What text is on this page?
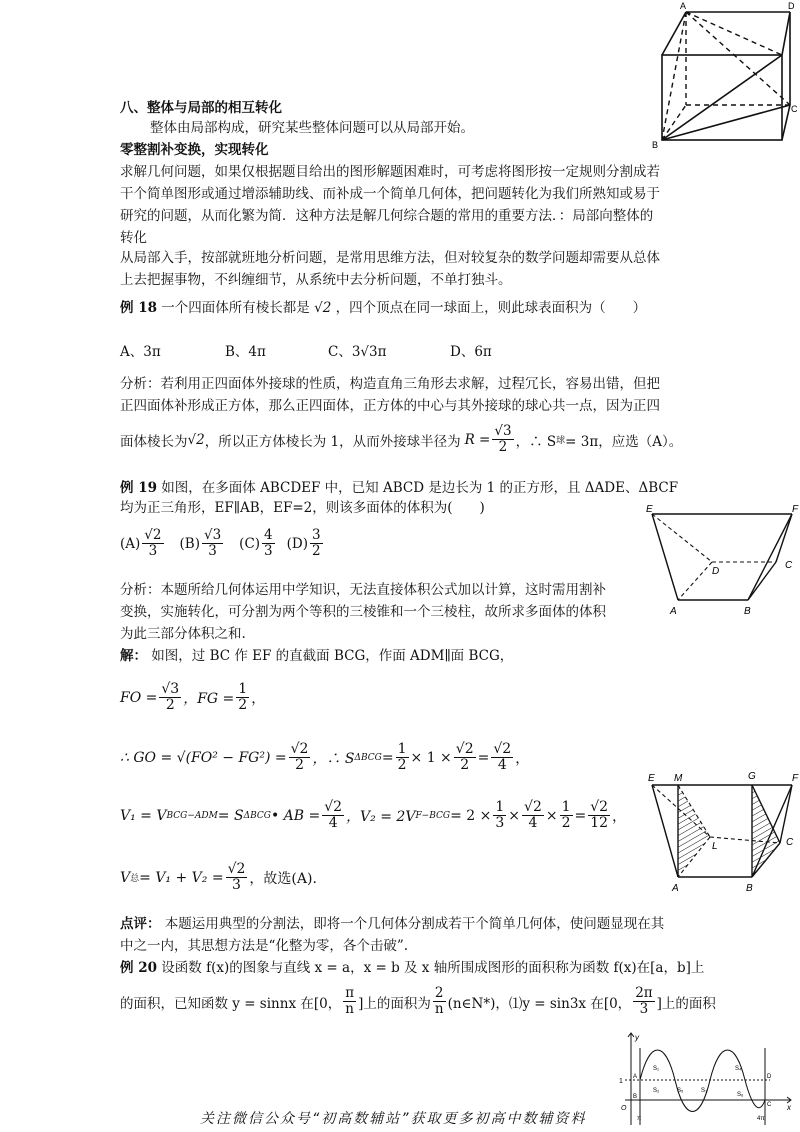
A	D
B
C
八、整体与局部的相互转化
整体由局部构成，研究某些整体问题可以从局部开始。
零整割补变换，实现转化
求解几何问题，如果仅根据题目给出的图形解题困难时，可考虑将图形按一定规则分割成若
干个简单图形或通过增添辅助线、而补成一个简单几何体，把问题转化为我们所熟知或易于
研究的问题，从而化繁为简．这种方法是解几何综合题的常用的重要方法．：局部向整体的
转化
从局部入手，按部就班地分析问题，是常用思维方法，但对较复杂的数学问题却需要从总体
上去把握事物，不纠缠细节，从系统中去分析问题，不单打独斗。
例 18 一个四面体所有棱长都是 √2 ，四个顶点在同一球面上，则此球表面积为（　　）
A、3π	B、4π	C、3√3π	D、6π
分析：若利用正四面体外接球的性质，构造直角三角形去求解，过程冗长，容易出错，但把
正四面体补形成正方体，那么正四面体，正方体的中心与其外接球的球心共一点，因为正四
面体棱长为 √2 ，所以正方体棱长为 1，从而外接球半径为 $R = \frac{√3}{2}$ ，∴ S 球 = 3π，应选（A）。
例 19 如图，在多面体 ABCDEF 中，已知 ABCD 是边长为 1 的正方形，且 ΔADE、ΔBCF
均为正三角形，EF∥AB，EF=2，则该多面体的体积为(　　)
$(A) \frac{√2}{3} (B) \frac{√3}{3} (C) \frac{4}{3} (D) \frac{3}{2}$
E	F
D
C
A	B
分析：本题所给几何体运用中学知识，无法直接体积公式加以计算，这时需用割补
变换，实施转化，可分割为两个等积的三棱锥和一个三棱柱，故所求多面体的体积
为此三部分体积之和.
解： 如图，过 BC 作 EF 的直截面 BCG，作面 ADM∥面 BCG，
FO = $\frac{√3}{2}$ ，FG = $\frac{1}{2}$ ，
∴ GO = $√(FO^2 - FG^2) = \frac{√2}{2}$ ，∴ S $\Delta BCG = \frac{1}{2} \times 1 \times \frac{√2}{2} = \frac{√2}{4}$ ，
E M	G	F
L	C
A	B
V₁ = V BCG−ADM = S ΔBCG • AB = $\frac{√2}{4}$ ，V₂ = 2V $F-BCG = 2 \times \frac{1}{3} \times \frac{√2}{4} \times \frac{1}{2} = \frac{√2}{12}$ ，
V 总 = $V_1 + V_2 = \frac{√2}{3}$ ，故选(A).
点评： 本题运用典型的分割法，即将一个几何体分割成若干个简单几何体，使问题显现在其
中之一内，其思想方法是“化整为零，各个击破”.
例 20 设函数 f(x)的图象与直线 x = a，x = b 及 x 轴所围成图形的面积称为函数 f(x)在[a，b]上
的面积，已知函数 y = sinnx 在[0， $\frac{\pi}{n}$ ]上的面积为 $\frac{2}{n}$ (n∈N*)，⑴y = sin3x 在[0， $\frac{2\pi}{3}$ ]上的面积
y
x
O
1
A
B
C
D
S₁
S₂	S₃
S₄
S₅
S₆
π	4π
关注微信公众号“初高数辅站”获取更多初高中数辅资料
